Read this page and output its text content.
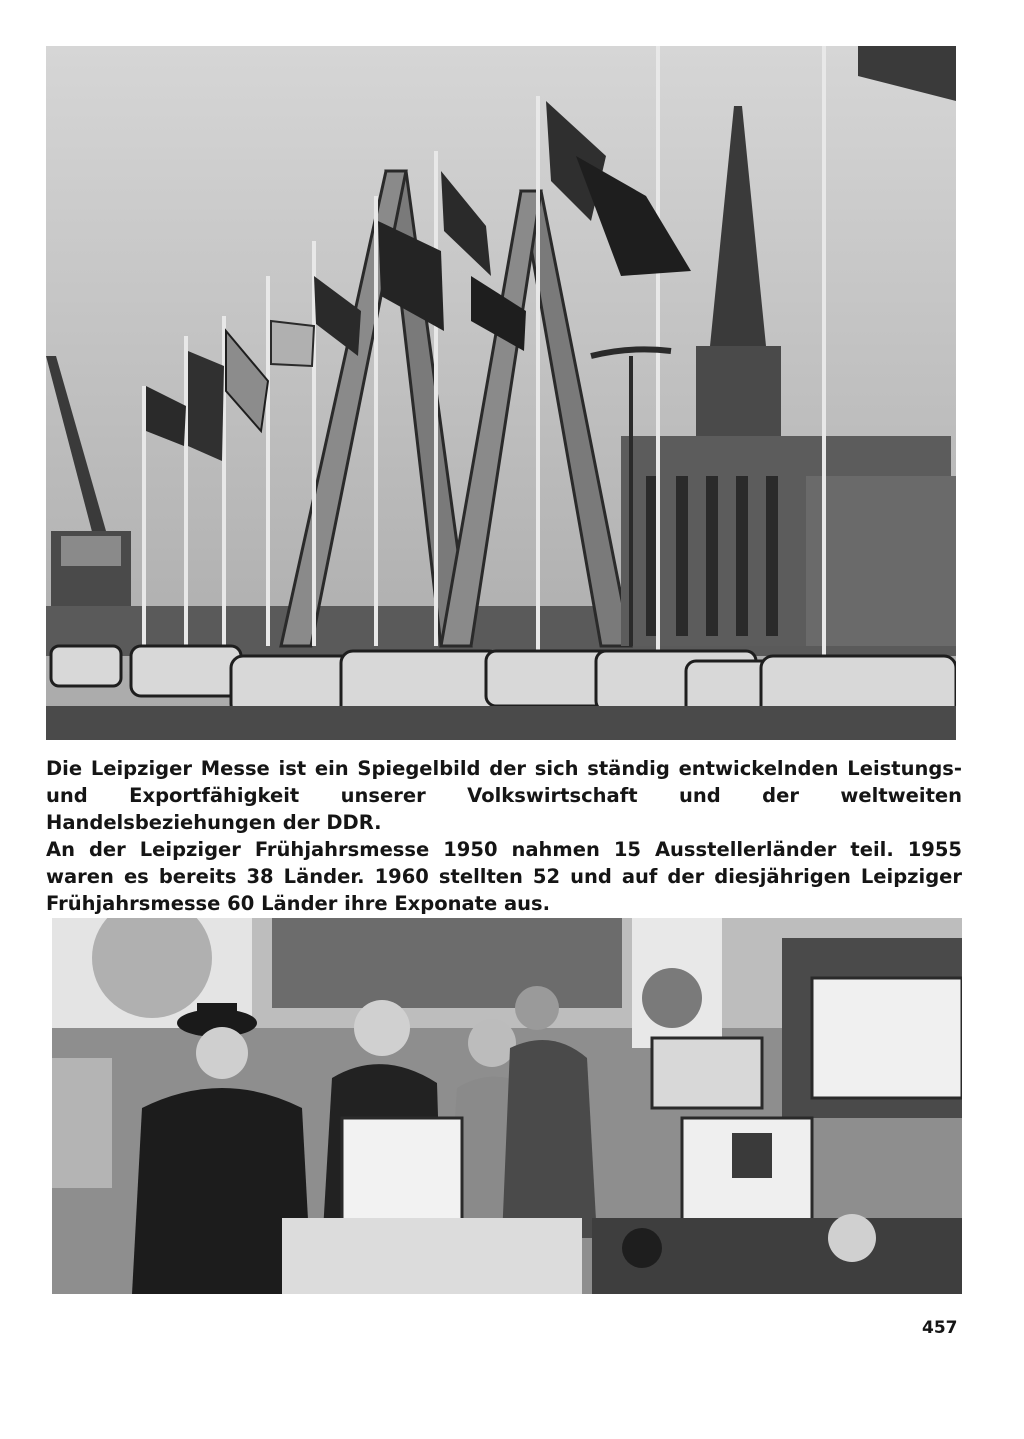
Die Leipziger Messe ist ein Spiegelbild der sich ständig entwickelnden Leistungs- und Exportfähigkeit unserer Volkswirtschaft und der weltweiten Handelsbeziehungen der DDR.

An der Leipziger Frühjahrsmesse 1950 nahmen 15 Ausstellerländer teil. 1955 waren es bereits 38 Länder. 1960 stellten 52 und auf der diesjährigen Leipziger Frühjahrsmesse 60 Länder ihre Exponate aus.

457
